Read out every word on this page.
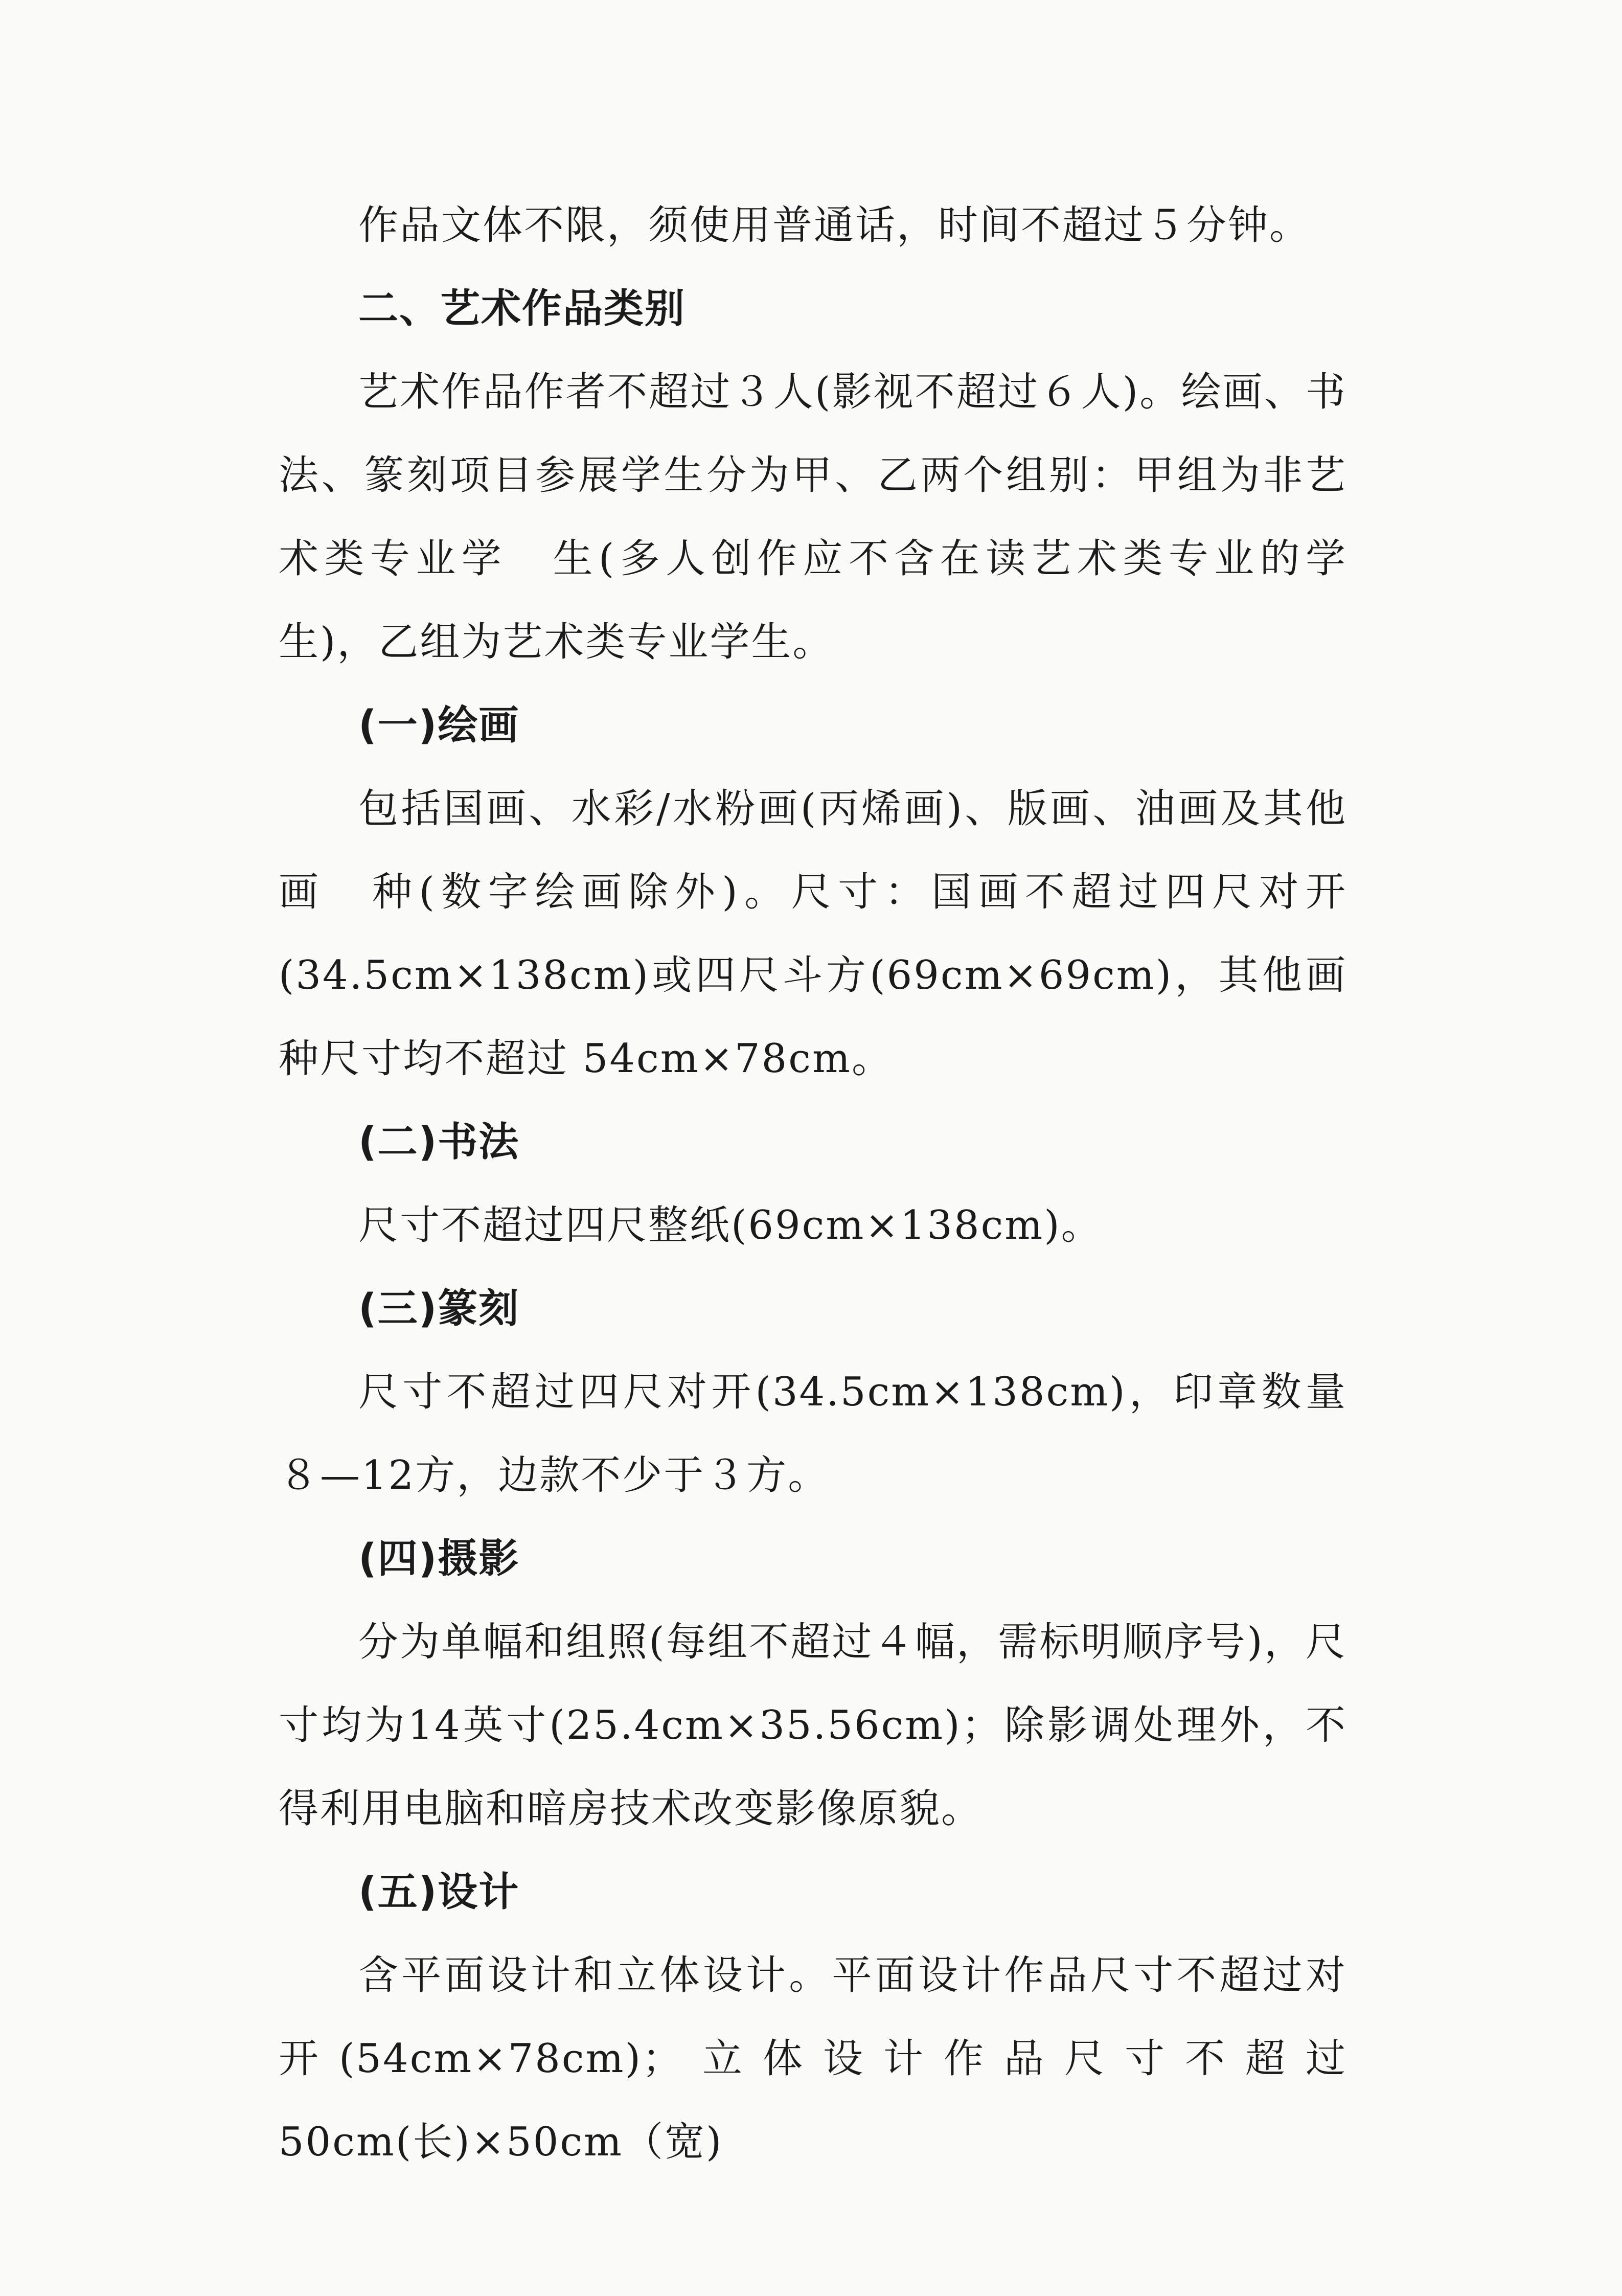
作品文体不限，须使用普通话，时间不超过５分钟。

二、艺术作品类别

艺术作品作者不超过３人(影视不超过６人)。绘画、书法、篆刻项目参展学生分为甲、乙两个组别：甲组为非艺术类专业学　生(多人创作应不含在读艺术类专业的学生)，乙组为艺术类专业学生。

(一)绘画

包括国画、水彩/水粉画(丙烯画)、版画、油画及其他画　种(数字绘画除外)。尺寸：国画不超过四尺对开(34.5cm×138cm)或四尺斗方(69cm×69cm)，其他画种尺寸均不超过 54cm×78cm。

(二)书法

尺寸不超过四尺整纸(69cm×138cm)。

(三)篆刻

尺寸不超过四尺对开(34.5cm×138cm)，印章数量８—12方，边款不少于３方。

(四)摄影

分为单幅和组照(每组不超过４幅，需标明顺序号)，尺寸均为14英寸(25.4cm×35.56cm)；除影调处理外，不得利用电脑和暗房技术改变影像原貌。

(五)设计

含平面设计和立体设计。平面设计作品尺寸不超过对开(54cm×78cm)；立体设计作品尺寸不超过 50cm(长)×50cm（宽)
